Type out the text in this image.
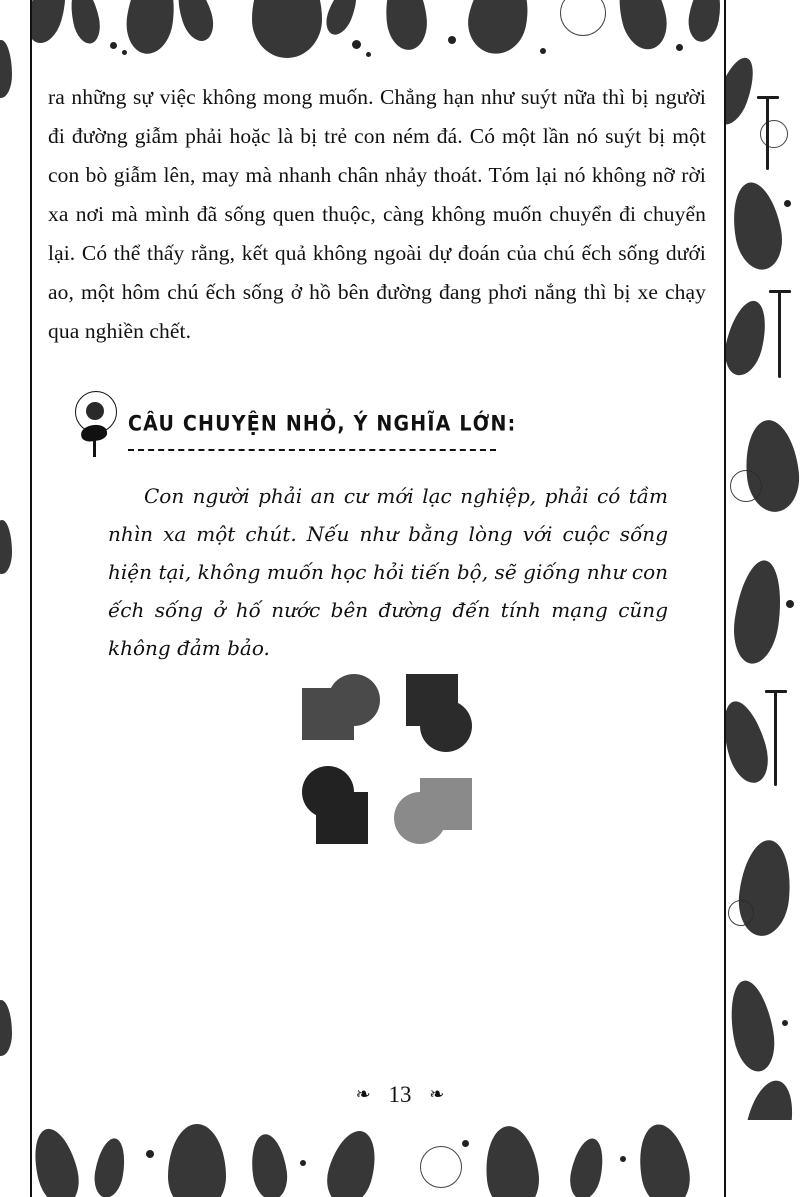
ra những sự việc không mong muốn. Chẳng hạn như suýt nữa thì bị người đi đường giẫm phải hoặc là bị trẻ con ném đá. Có một lần nó suýt bị một con bò giẫm lên, may mà nhanh chân nhảy thoát. Tóm lại nó không nỡ rời xa nơi mà mình đã sống quen thuộc, càng không muốn chuyển đi chuyển lại. Có thể thấy rằng, kết quả không ngoài dự đoán của chú ếch sống dưới ao, một hôm chú ếch sống ở hồ bên đường đang phơi nắng thì bị xe chạy qua nghiền chết.

CÂU CHUYỆN NHỎ, Ý NGHĨA LỚN:

Con người phải an cư mới lạc nghiệp, phải có tầm nhìn xa một chút. Nếu như bằng lòng với cuộc sống hiện tại, không muốn học hỏi tiến bộ, sẽ giống như con ếch sống ở hố nước bên đường đến tính mạng cũng không đảm bảo.

❧ 13 ❧
